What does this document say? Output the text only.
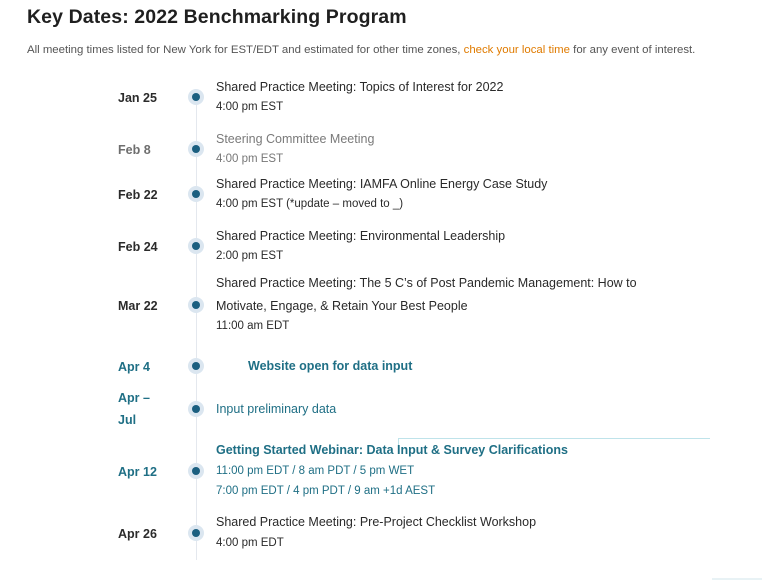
Key Dates: 2022 Benchmarking Program
All meeting times listed for New York for EST/EDT and estimated for other time zones, check your local time for any event of interest.
Jan 25
Shared Practice Meeting: Topics of Interest for 2022
4:00 pm EST
Feb 8
Steering Committee Meeting
4:00 pm EST
Feb 22
Shared Practice Meeting: IAMFA Online Energy Case Study
4:00 pm EST (*update – moved to _)
Feb 24
Shared Practice Meeting: Environmental Leadership
2:00 pm EST
Mar 22
Shared Practice Meeting: The 5 C’s of Post Pandemic Management: How to
Motivate, Engage, & Retain Your Best People
11:00 am EDT
Apr 4	Website open for data input
Apr –
Jul
Input preliminary data
Apr 12
Getting Started Webinar: Data Input & Survey Clarifications
11:00 pm EDT / 8 am PDT / 5 pm WET
7:00 pm EDT / 4 pm PDT / 9 am +1d AEST
Apr 26
Shared Practice Meeting: Pre-Project Checklist Workshop
4:00 pm EDT
